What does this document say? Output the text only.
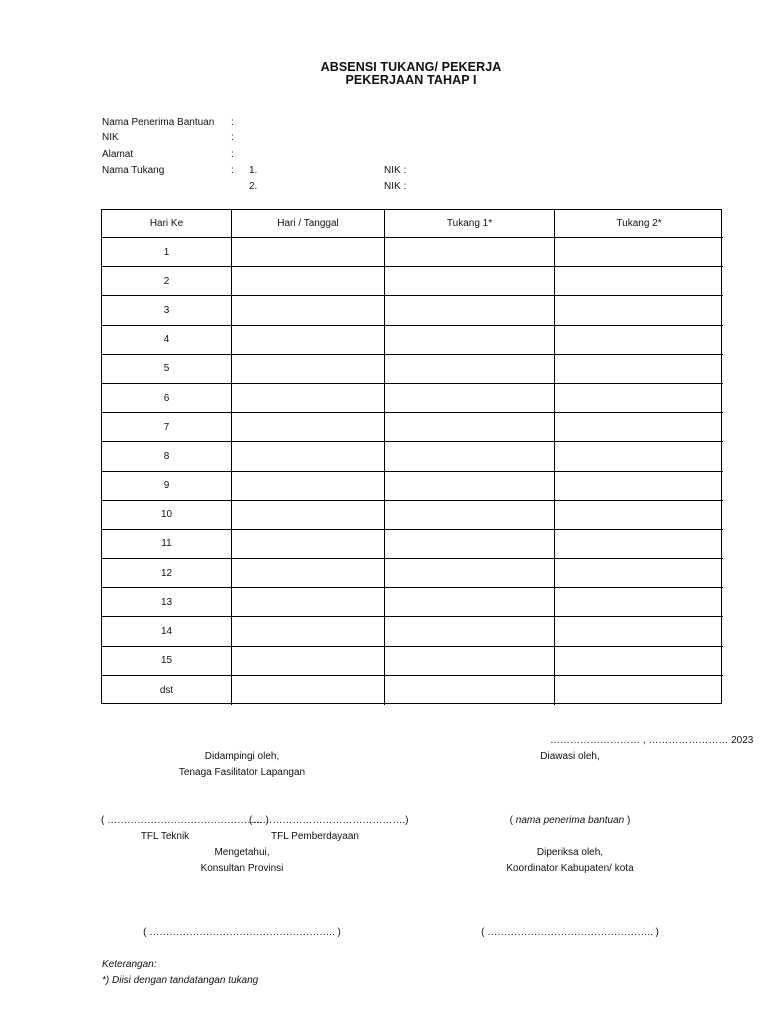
ABSENSI TUKANG/ PEKERJA
PEKERJAAN TAHAP I
Nama Penerima Bantuan :
NIK	:
Alamat	:
Nama Tukang	: 1.	NIK :
2.	NIK :
Hari Ke	Hari / Tanggal	Tukang 1*	Tukang 2*
1
2
3
4
5
6
7
8
9
10
11
12
13
14
15
dst
……………………… , …………………… 2023
Didampingi oleh,
Tenaga Fasilitator Lapangan
Diawasi oleh,
( ……………………………………….. )
(……………………………………….)	( nama penerima bantuan )
TFL Teknik	TFL Pemberdayaan
Mengetahui,
Konsultan Provinsi
Diperiksa oleh,
Koordinator Kabupaten/ kota
( ……………………………………………….. )	( ………………………………………….. )
Keterangan:
*) Diisi dengan tandatangan tukang
